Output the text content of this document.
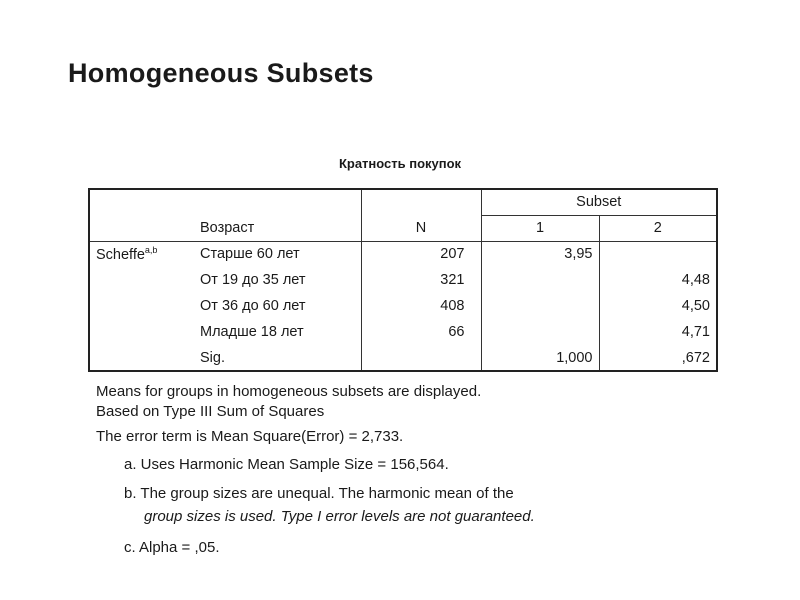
Homogeneous Subsets
Кратность покупок
			Subset	
	Возраст	N	1	2
Scheffe$^{a,b}$	Старше 60 лет	207	3,95	
	От 19 до 35 лет	321		4,48
	От 36 до 60 лет	408		4,50
	Младше 18 лет	66		4,71
	Sig.		1,000	,672
Means for groups in homogeneous subsets are displayed.
Based on Type III Sum of Squares
The error term is Mean Square(Error) = 2,733.
a. Uses Harmonic Mean Sample Size = 156,564.
b. The group sizes are unequal. The harmonic mean of the
group sizes is used. Type I error levels are not guaranteed.
c. Alpha = ,05.
